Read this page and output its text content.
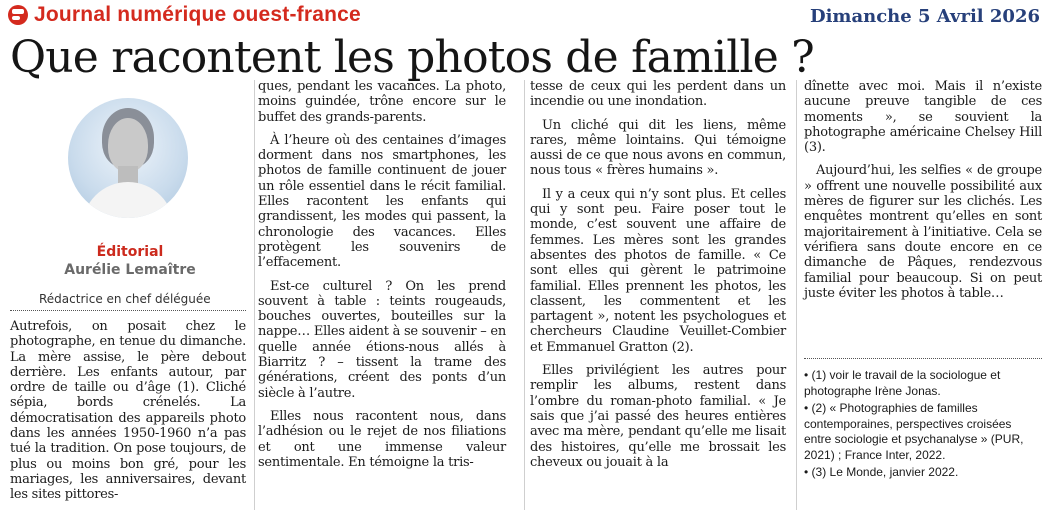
Journal numérique ouest-france	Dimanche 5 Avril 2026
Que racontent les photos de famille ?
Éditorial
Aurélie Lemaître
Rédactrice en chef déléguée

Autrefois, on posait chez le photographe, en tenue du dimanche. La mère assise, le père debout derrière. Les enfants autour, par ordre de taille ou d’âge (1). Cliché sépia, bords crénelés. La démocratisation des appareils photo dans les années 1950-1960 n’a pas tué la tradition. On pose toujours, de plus ou moins bon gré, pour les mariages, les anniversaires, devant les sites pittores-

ques, pendant les vacances. La photo, moins guindée, trône encore sur le buffet des grands-parents.

À l’heure où des centaines d’images dorment dans nos smartphones, les photos de famille continuent de jouer un rôle essentiel dans le récit familial. Elles racontent les enfants qui grandissent, les modes qui passent, la chronologie des vacances. Elles protègent les souvenirs de l’effacement.

Est-ce culturel ? On les prend souvent à table : teints rougeauds, bouches ouvertes, bouteilles sur la nappe… Elles aident à se souvenir – en quelle année étions-nous allés à Biarritz ? – tissent la trame des générations, créent des ponts d’un siècle à l’autre.

Elles nous racontent nous, dans l’adhésion ou le rejet de nos filiations et ont une immense valeur sentimentale. En témoigne la tris-

tesse de ceux qui les perdent dans un incendie ou une inondation.

Un cliché qui dit les liens, même rares, même lointains. Qui témoigne aussi de ce que nous avons en commun, nous tous « frères humains ».

Il y a ceux qui n’y sont plus. Et celles qui y sont peu. Faire poser tout le monde, c’est souvent une affaire de femmes. Les mères sont les grandes absentes des photos de famille. « Ce sont elles qui gèrent le patrimoine familial. Elles prennent les photos, les classent, les commentent et les partagent », notent les psychologues et chercheurs Claudine Veuillet-Combier et Emmanuel Gratton (2).

Elles privilégient les autres pour remplir les albums, restent dans l’ombre du roman-photo familial. « Je sais que j’ai passé des heures entières avec ma mère, pendant qu’elle me lisait des histoires, qu’elle me brossait les cheveux ou jouait à la

dînette avec moi. Mais il n’existe aucune preuve tangible de ces moments », se souvient la photographe américaine Chelsey Hill (3).

Aujourd’hui, les selfies « de groupe » offrent une nouvelle possibilité aux mères de figurer sur les clichés. Les enquêtes montrent qu’elles en sont majoritairement à l’initiative. Cela se vérifiera sans doute encore en ce dimanche de Pâques, rendezvous familial pour beaucoup. Si on peut juste éviter les photos à table…

• (1) voir le travail de la sociologue et photographe Irène Jonas.
• (2) « Photographies de familles contemporaines, perspectives croisées entre sociologie et psychanalyse » (PUR, 2021) ; France Inter, 2022.
• (3) Le Monde, janvier 2022.
